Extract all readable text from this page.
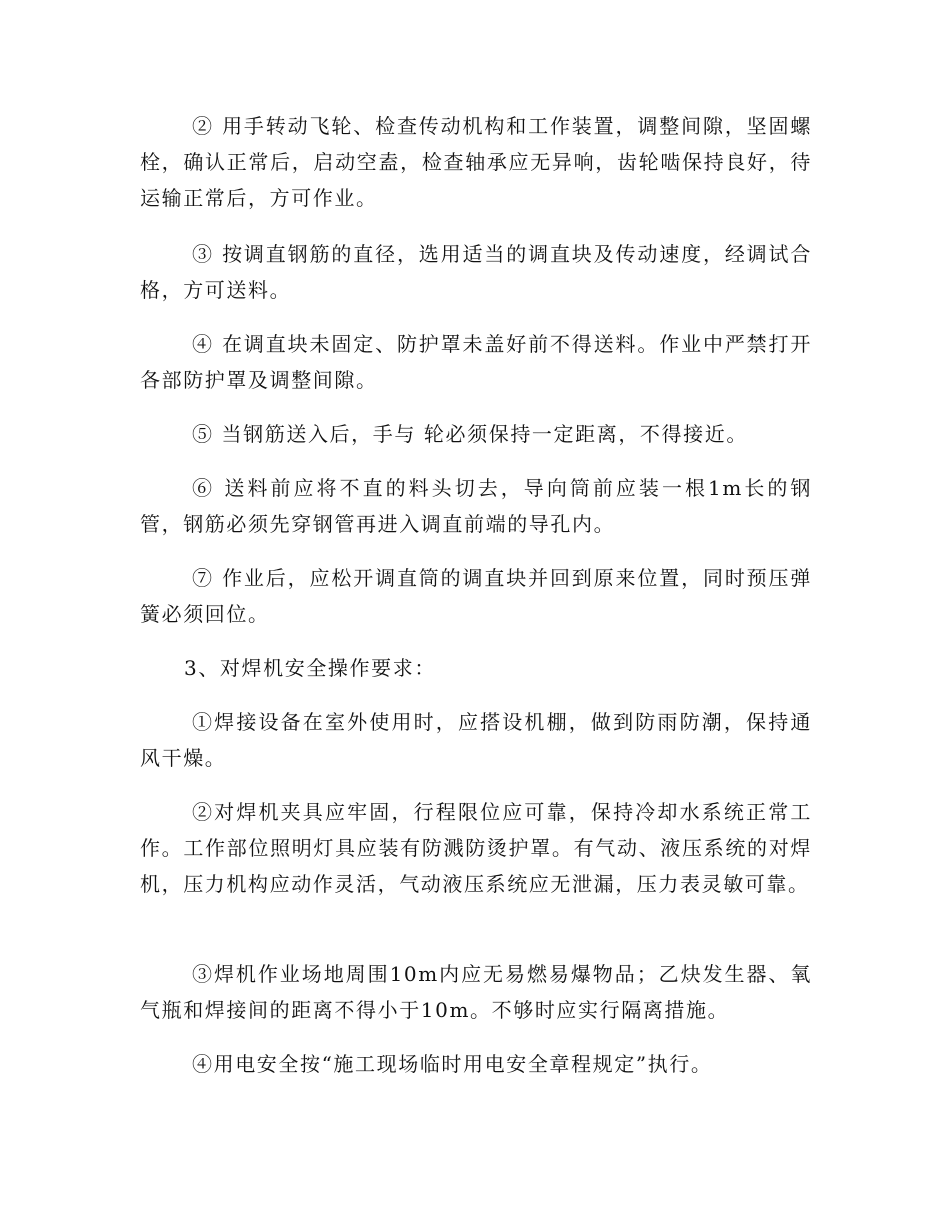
② 用手转动飞轮、检查传动机构和工作装置，调整间隙，坚固螺栓，确认正常后，启动空盍，检查轴承应无异响，齿轮啮保持良好，待运输正常后，方可作业。

③ 按调直钢筋的直径，选用适当的调直块及传动速度，经调试合格，方可送料。

④ 在调直块未固定、防护罩未盖好前不得送料。作业中严禁打开各部防护罩及调整间隙。

⑤ 当钢筋送入后，手与 轮必须保持一定距离，不得接近。

⑥ 送料前应将不直的料头切去，导向筒前应装一根1m长的钢管，钢筋必须先穿钢管再进入调直前端的导孔内。

⑦ 作业后，应松开调直筒的调直块并回到原来位置，同时预压弹簧必须回位。

3、对焊机安全操作要求：

①焊接设备在室外使用时，应搭设机棚，做到防雨防潮，保持通风干燥。

②对焊机夹具应牢固，行程限位应可靠，保持冷却水系统正常工作。工作部位照明灯具应装有防溅防烫护罩。有气动、液压系统的对焊机，压力机构应动作灵活，气动液压系统应无泄漏，压力表灵敏可靠。

③焊机作业场地周围10m内应无易燃易爆物品；乙炔发生器、氧气瓶和焊接间的距离不得小于10m。不够时应实行隔离措施。

④用电安全按“施工现场临时用电安全章程规定”执行。
